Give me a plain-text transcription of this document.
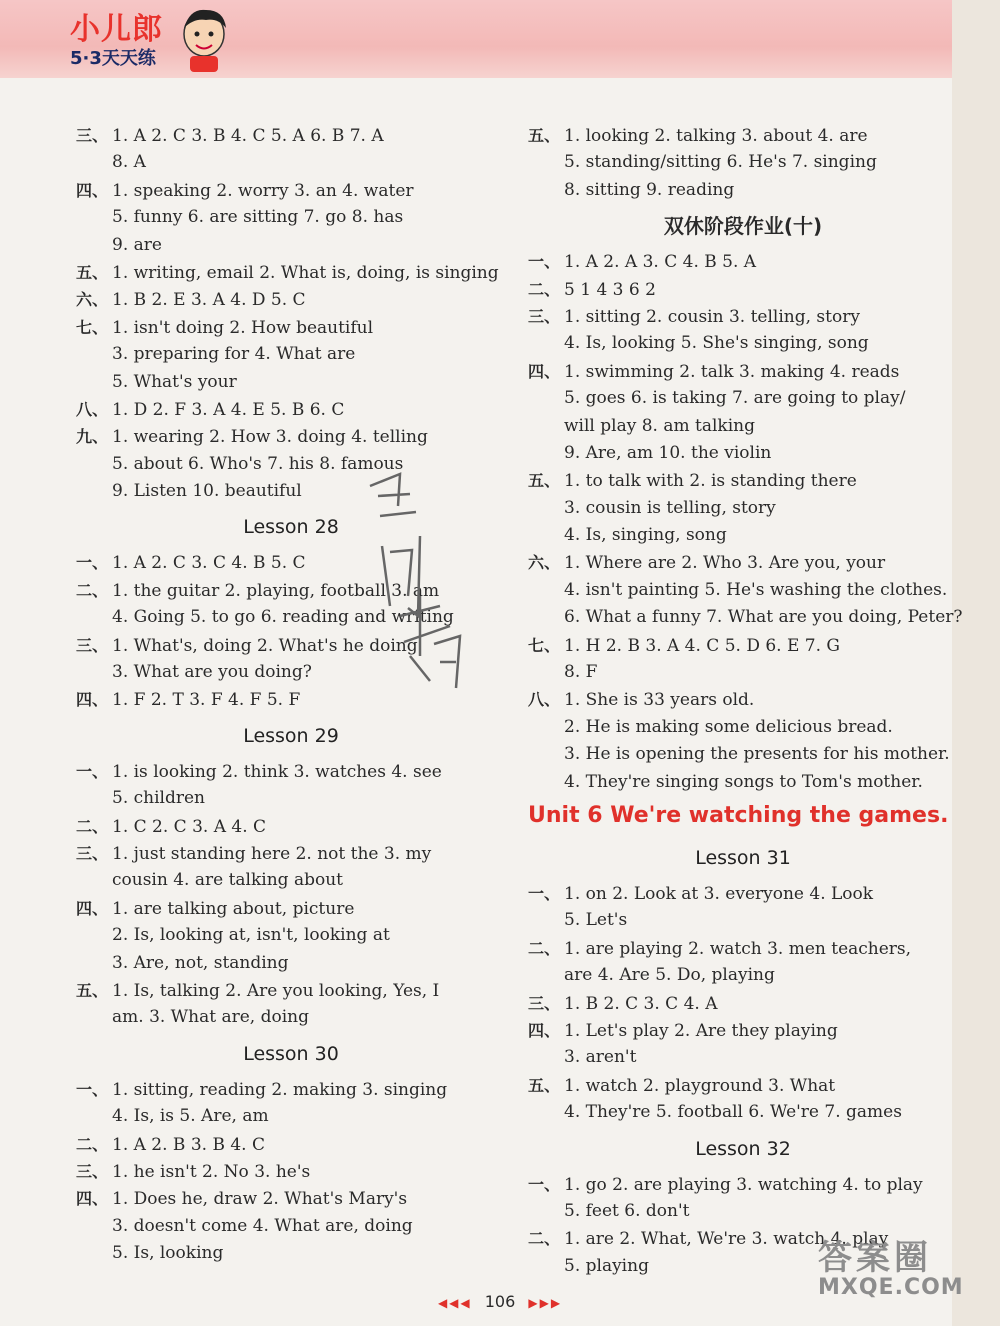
小儿郎
5·3天天练
三、 1. A 2. C 3. B 4. C 5. A 6. B 7. A
8. A
四、 1. speaking 2. worry 3. an 4. water
5. funny 6. are sitting 7. go 8. has
9. are
五、 1. writing, email 2. What is, doing, is singing
六、 1. B 2. E 3. A 4. D 5. C
七、 1. isn't doing 2. How beautiful
3. preparing for 4. What are
5. What's your
八、 1. D 2. F 3. A 4. E 5. B 6. C
九、 1. wearing 2. How 3. doing 4. telling
5. about 6. Who's 7. his 8. famous
9. Listen 10. beautiful
Lesson 28
一、 1. A 2. C 3. C 4. B 5. C
二、 1. the guitar 2. playing, football 3. am
4. Going 5. to go 6. reading and writing
三、 1. What's, doing 2. What's he doing
3. What are you doing?
四、 1. F 2. T 3. F 4. F 5. F
Lesson 29
一、 1. is looking 2. think 3. watches 4. see
5. children
二、 1. C 2. C 3. A 4. C
三、 1. just standing here 2. not the 3. my
cousin 4. are talking about
四、 1. are talking about, picture
2. Is, looking at, isn't, looking at
3. Are, not, standing
五、 1. Is, talking 2. Are you looking, Yes, I
am. 3. What are, doing
Lesson 30
一、 1. sitting, reading 2. making 3. singing
4. Is, is 5. Are, am
二、 1. A 2. B 3. B 4. C
三、 1. he isn't 2. No 3. he's
四、 1. Does he, draw 2. What's Mary's
3. doesn't come 4. What are, doing
5. Is, looking
五、 1. looking 2. talking 3. about 4. are
5. standing/sitting 6. He's 7. singing
8. sitting 9. reading
双休阶段作业(十)
一、 1. A 2. A 3. C 4. B 5. A
二、 5 1 4 3 6 2
三、 1. sitting 2. cousin 3. telling, story
4. Is, looking 5. She's singing, song
四、 1. swimming 2. talk 3. making 4. reads
5. goes 6. is taking 7. are going to play/
will play 8. am talking
9. Are, am 10. the violin
五、 1. to talk with 2. is standing there
3. cousin is telling, story
4. Is, singing, song
六、 1. Where are 2. Who 3. Are you, your
4. isn't painting 5. He's washing the clothes.
6. What a funny 7. What are you doing, Peter?
七、 1. H 2. B 3. A 4. C 5. D 6. E 7. G
8. F
八、 1. She is 33 years old.
2. He is making some delicious bread.
3. He is opening the presents for his mother.
4. They're singing songs to Tom's mother.
Unit 6 We're watching the games.
Lesson 31
一、 1. on 2. Look at 3. everyone 4. Look
5. Let's
二、 1. are playing 2. watch 3. men teachers,
are 4. Are 5. Do, playing
三、 1. B 2. C 3. C 4. A
四、 1. Let's play 2. Are they playing
3. aren't
五、 1. watch 2. playground 3. What
4. They're 5. football 6. We're 7. games
Lesson 32
一、 1. go 2. are playing 3. watching 4. to play
5. feet 6. don't
二、 1. are 2. What, We're 3. watch 4. play
5. playing
◀◀◀ 106 ▶▶▶
答案圈
MXQE.COM
